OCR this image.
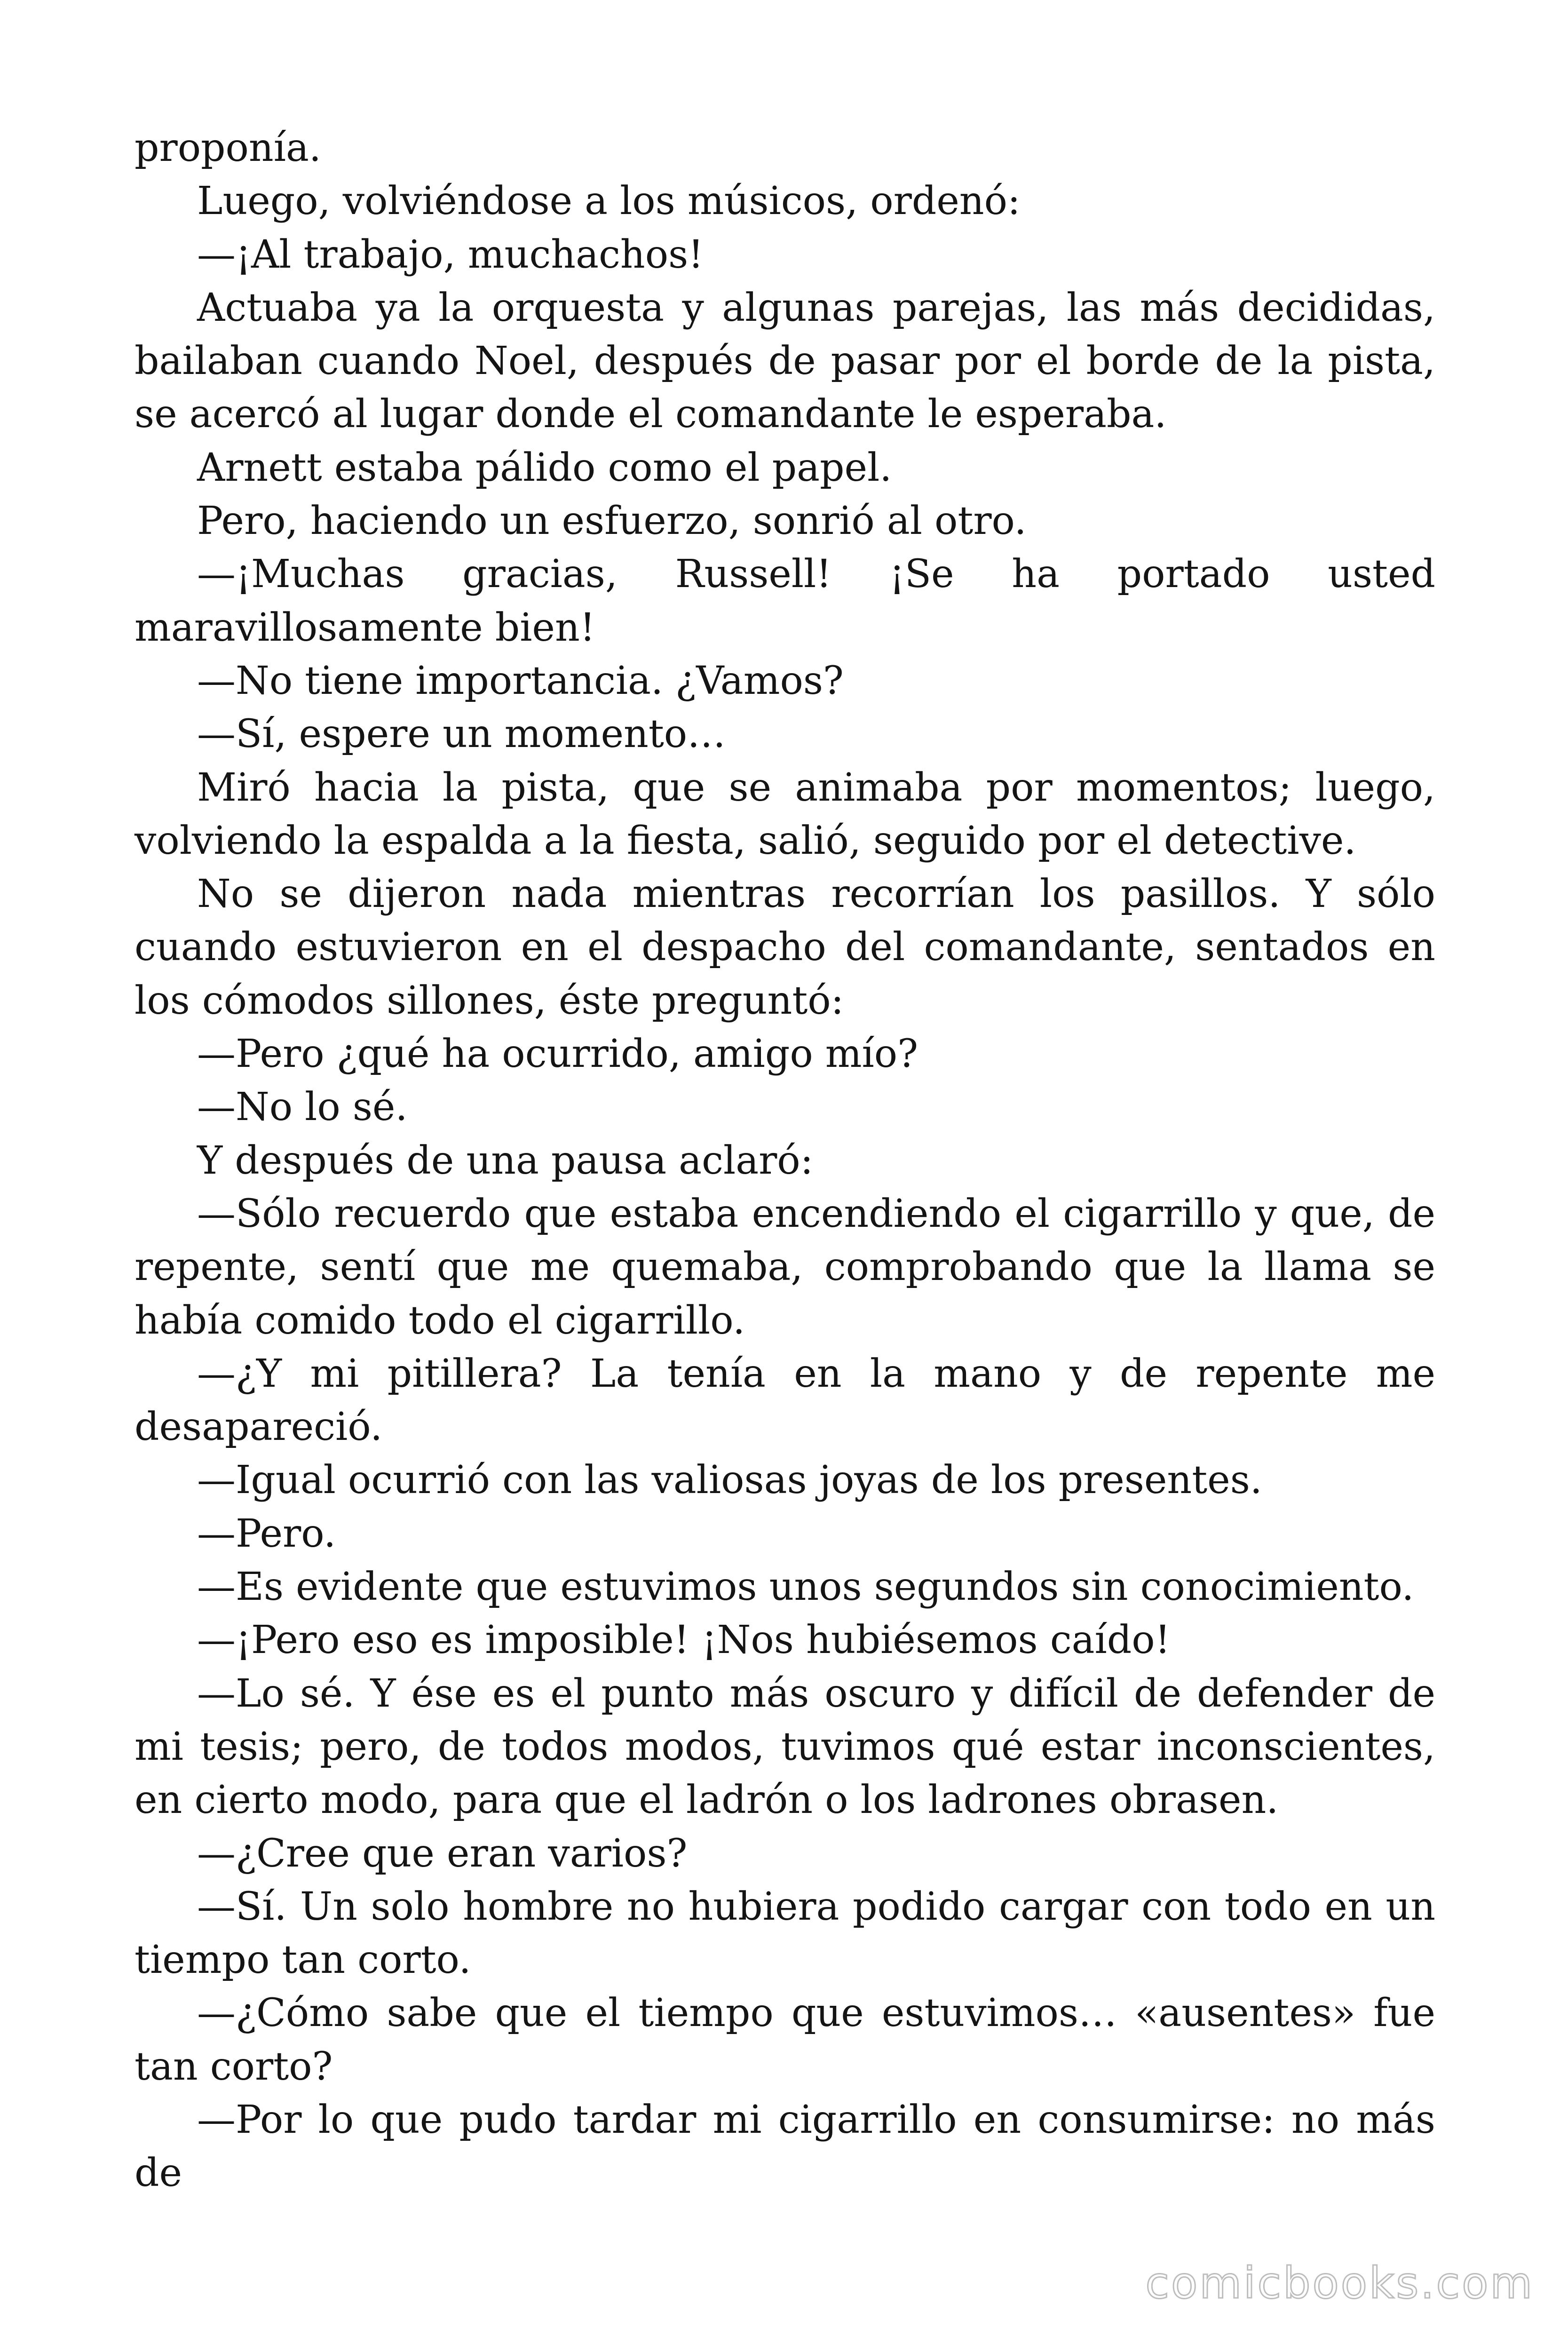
proponía.

Luego, volviéndose a los músicos, ordenó:

—¡Al trabajo, muchachos!

Actuaba ya la orquesta y algunas parejas, las más decididas, bailaban cuando Noel, después de pasar por el borde de la pista, se acercó al lugar donde el comandante le esperaba.

Arnett estaba pálido como el papel.

Pero, haciendo un esfuerzo, sonrió al otro.

—¡Muchas gracias, Russell! ¡Se ha portado usted maravillosamente bien!

—No tiene importancia. ¿Vamos?

—Sí, espere un momento…

Miró hacia la pista, que se animaba por momentos; luego, volviendo la espalda a la fiesta, salió, seguido por el detective.

No se dijeron nada mientras recorrían los pasillos. Y sólo cuando estuvieron en el despacho del comandante, sentados en los cómodos sillones, éste preguntó:

—Pero ¿qué ha ocurrido, amigo mío?

—No lo sé.

Y después de una pausa aclaró:

—Sólo recuerdo que estaba encendiendo el cigarrillo y que, de repente, sentí que me quemaba, comprobando que la llama se había comido todo el cigarrillo.

—¿Y mi pitillera? La tenía en la mano y de repente me desapareció.

—Igual ocurrió con las valiosas joyas de los presentes.

—Pero.

—Es evidente que estuvimos unos segundos sin conocimiento.

—¡Pero eso es imposible! ¡Nos hubiésemos caído!

—Lo sé. Y ése es el punto más oscuro y difícil de defender de mi tesis; pero, de todos modos, tuvimos qué estar inconscientes, en cierto modo, para que el ladrón o los ladrones obrasen.

—¿Cree que eran varios?

—Sí. Un solo hombre no hubiera podido cargar con todo en un tiempo tan corto.

—¿Cómo sabe que el tiempo que estuvimos… «ausentes» fue tan corto?

—Por lo que pudo tardar mi cigarrillo en consumirse: no más de

comicbooks.com
